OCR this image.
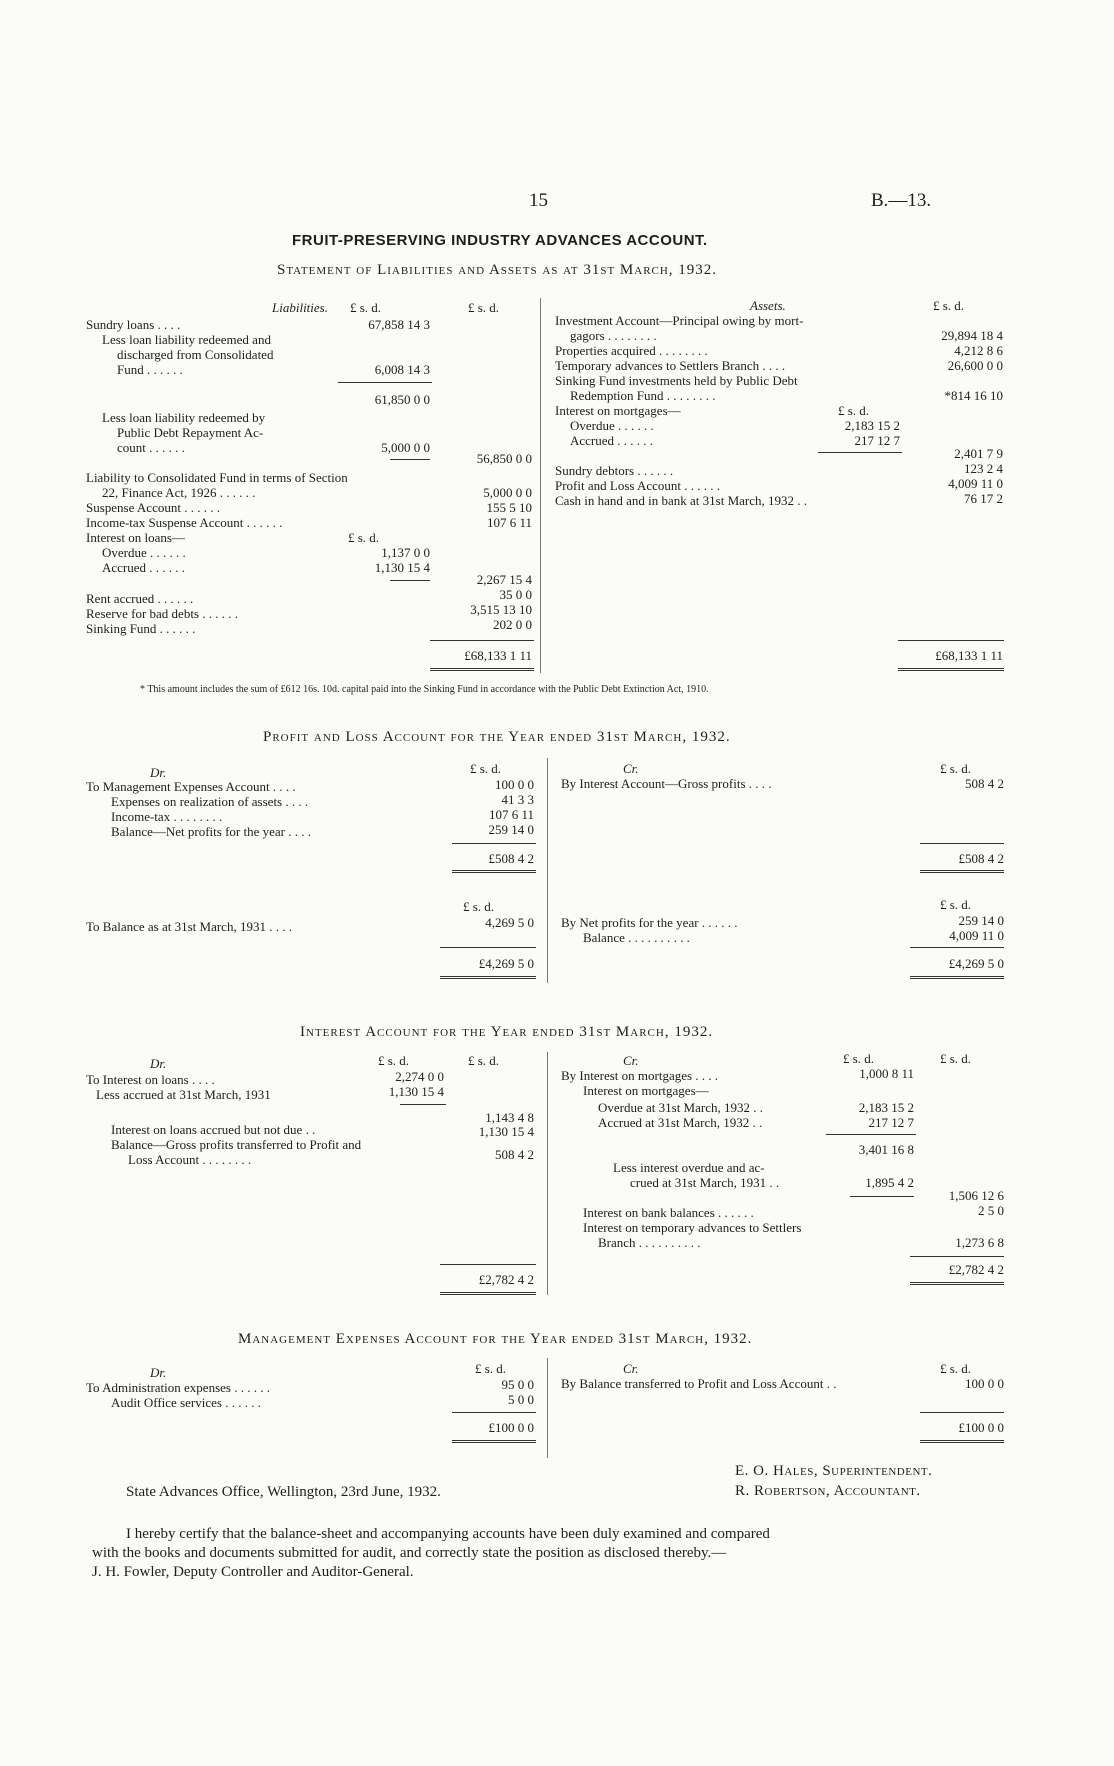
15	B.—13.
FRUIT-PRESERVING INDUSTRY ADVANCES ACCOUNT.
Statement of Liabilities and Assets as at 31st March, 1932.
Liabilities. £ s. d.	£ s. d.
Sundry loans . . . .	67,858 14 3
Less loan liability redeemed and
discharged from Consolidated
Fund . . . . . .	6,008 14 3
61,850 0 0
Less loan liability redeemed by
Public Debt Repayment Ac-
count . . . . . .	5,000 0 0
56,850 0 0
Liability to Consolidated Fund in terms of Section
22, Finance Act, 1926 . . . . . .	5,000 0 0
Suspense Account . . . . . .	155 5 10
Income-tax Suspense Account . . . . . .	107 6 11
Interest on loans—	£ s. d.
Overdue . . . . . .	1,137 0 0
Accrued . . . . . .	1,130 15 4
2,267 15 4
Rent accrued . . . . . .	35 0 0
Reserve for bad debts . . . . . .	3,515 13 10
Sinking Fund . . . . . .	202 0 0
£68,133 1 11
Assets.	£ s. d.
Investment Account—Principal owing by mort-
gagors . . . . . . . .	29,894 18 4
Properties acquired . . . . . . . .	4,212 8 6
Temporary advances to Settlers Branch . . . .	26,600 0 0
Sinking Fund investments held by Public Debt
Redemption Fund . . . . . . . .	*814 16 10
Interest on mortgages—	£ s. d.
Overdue . . . . . .	2,183 15 2
Accrued . . . . . .	217 12 7
2,401 7 9
Sundry debtors . . . . . .	123 2 4
Profit and Loss Account . . . . . .	4,009 11 0
Cash in hand and in bank at 31st March, 1932 . .	76 17 2
£68,133 1 11
* This amount includes the sum of £612 16s. 10d. capital paid into the Sinking Fund in accordance with the Public Debt Extinction Act, 1910.
Profit and Loss Account for the Year ended 31st March, 1932.
Dr.	£ s. d.	Cr.	£ s. d.
To Management Expenses Account . . . .	100 0 0
Expenses on realization of assets . . . .	41 3 3
Income-tax . . . . . . . .	107 6 11
Balance—Net profits for the year . . . .	259 14 0
£508 4 2
By Interest Account—Gross profits . . . .	508 4 2
£508 4 2
£ s. d.
To Balance as at 31st March, 1931 . . . .	4,269 5 0
£4,269 5 0
£ s. d.
By Net profits for the year . . . . . .	259 14 0
Balance . . . . . . . . . .	4,009 11 0
£4,269 5 0
Interest Account for the Year ended 31st March, 1932.
Dr.	£ s. d.	£ s. d.	Cr.	£ s. d.	£ s. d.
To Interest on loans . . . .	2,274 0 0
Less accrued at 31st March, 1931	1,130 15 4
1,143 4 8
Interest on loans accrued but not due . .	1,130 15 4
Balance—Gross profits transferred to Profit and
Loss Account . . . . . . . .	508 4 2
£2,782 4 2
By Interest on mortgages . . . .	1,000 8 11
Interest on mortgages—
Overdue at 31st March, 1932 . .	2,183 15 2
Accrued at 31st March, 1932 . .	217 12 7
3,401 16 8
Less interest overdue and ac-
crued at 31st March, 1931 . .	1,895 4 2
1,506 12 6
Interest on bank balances . . . . . .	2 5 0
Interest on temporary advances to Settlers
Branch . . . . . . . . . .	1,273 6 8
£2,782 4 2
Management Expenses Account for the Year ended 31st March, 1932.
Dr.	£ s. d.	Cr.	£ s. d.
To Administration expenses . . . . . .	95 0 0
Audit Office services . . . . . .	5 0 0
£100 0 0
By Balance transferred to Profit and Loss Account . .	100 0 0
£100 0 0
State Advances Office, Wellington, 23rd June, 1932.
E. O. Hales, Superintendent.
R. Robertson, Accountant.
I hereby certify that the balance-sheet and accompanying accounts have been duly examined and compared
with the books and documents submitted for audit, and correctly state the position as disclosed thereby.—
J. H. Fowler, Deputy Controller and Auditor-General.
